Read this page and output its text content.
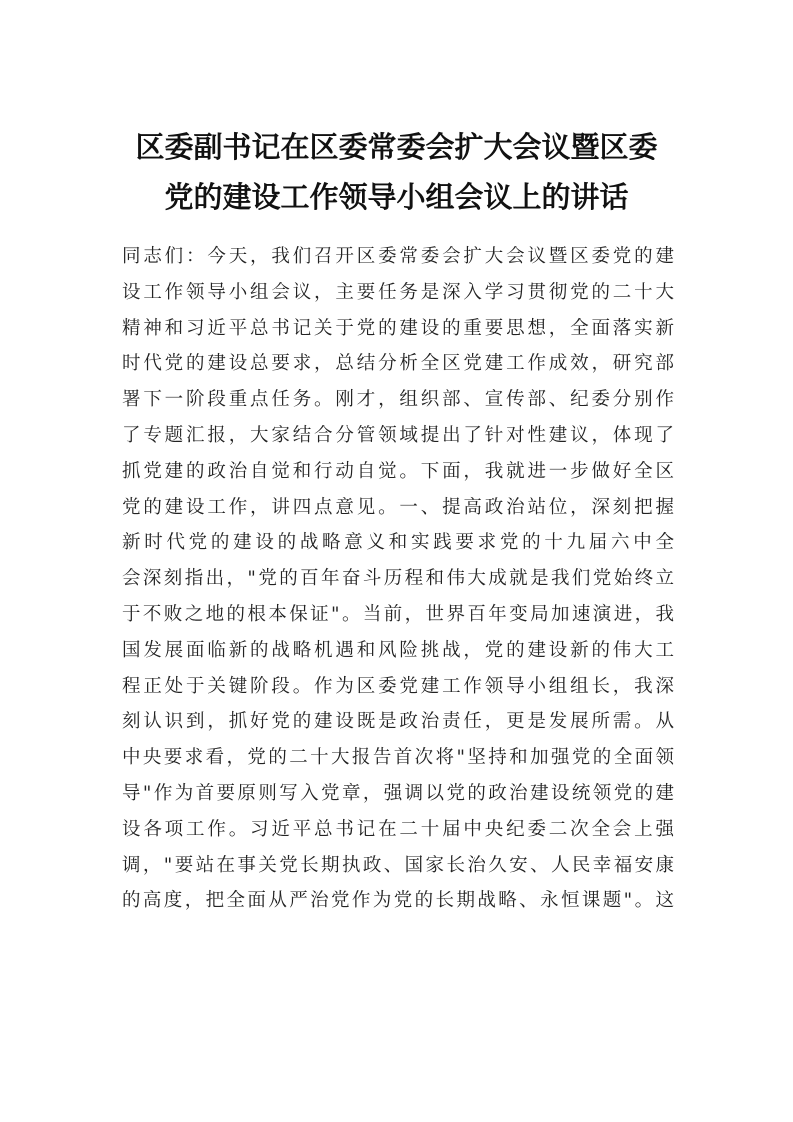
区委副书记在区委常委会扩大会议暨区委
党的建设工作领导小组会议上的讲话
同志们：今天，我们召开区委常委会扩大会议暨区委党的建
设工作领导小组会议，主要任务是深入学习贯彻党的二十大
精神和习近平总书记关于党的建设的重要思想，全面落实新
时代党的建设总要求，总结分析全区党建工作成效，研究部
署下一阶段重点任务。刚才，组织部、宣传部、纪委分别作
了专题汇报，大家结合分管领域提出了针对性建议，体现了
抓党建的政治自觉和行动自觉。下面，我就进一步做好全区
党的建设工作，讲四点意见。一、提高政治站位，深刻把握
新时代党的建设的战略意义和实践要求党的十九届六中全
会深刻指出，"党的百年奋斗历程和伟大成就是我们党始终立
于不败之地的根本保证"。当前，世界百年变局加速演进，我
国发展面临新的战略机遇和风险挑战，党的建设新的伟大工
程正处于关键阶段。作为区委党建工作领导小组组长，我深
刻认识到，抓好党的建设既是政治责任，更是发展所需。从
中央要求看，党的二十大报告首次将"坚持和加强党的全面领
导"作为首要原则写入党章，强调以党的政治建设统领党的建
设各项工作。习近平总书记在二十届中央纪委二次全会上强
调，"要站在事关党长期执政、国家长治久安、人民幸福安康
的高度，把全面从严治党作为党的长期战略、永恒课题"。这
